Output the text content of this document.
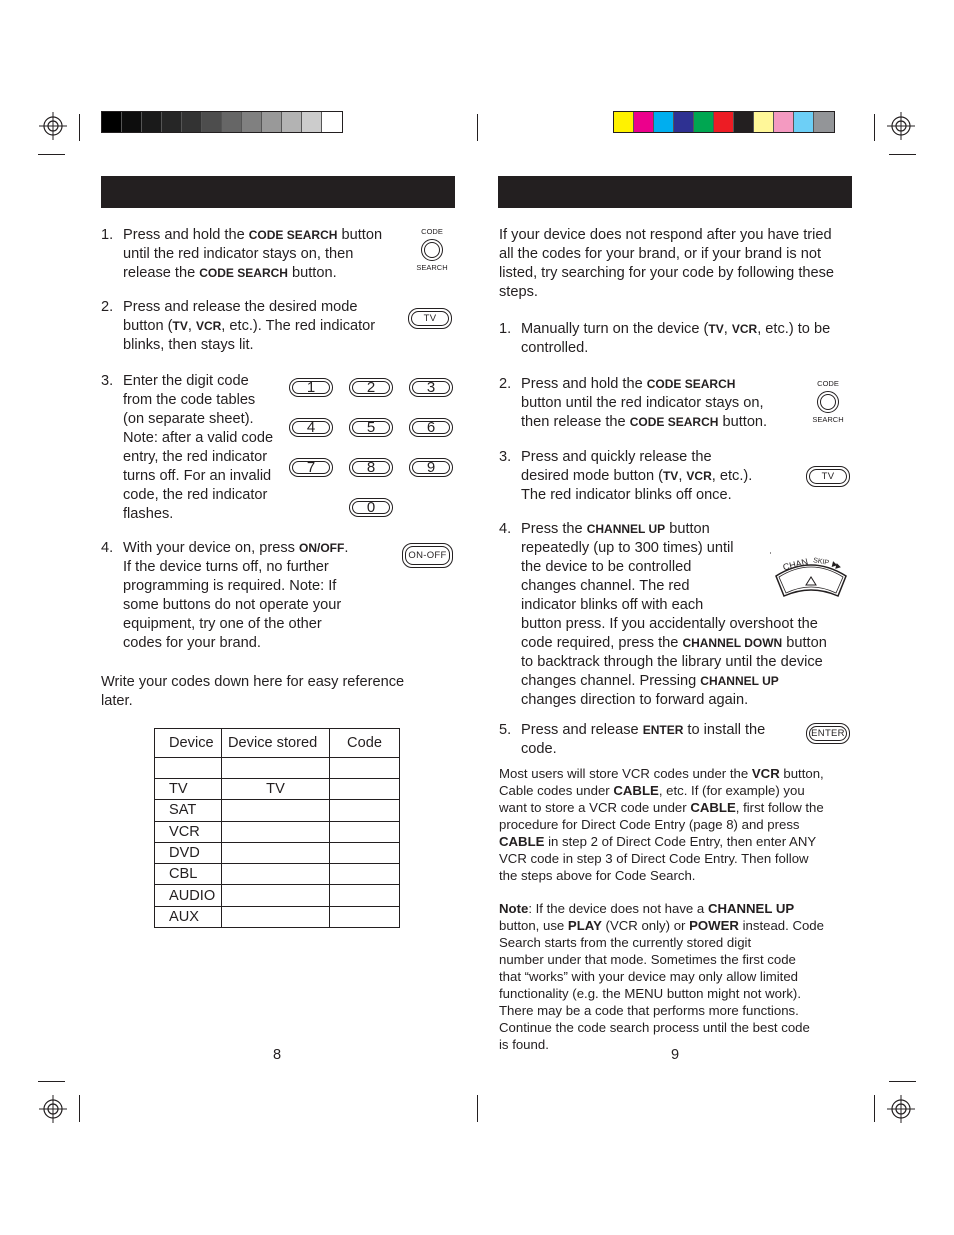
1. Press and hold the CODE SEARCH button
until the red indicator stays on, then
release the CODE SEARCH button.
CODE
SEARCH
2. Press and release the desired mode
button (TV, VCR, etc.). The red indicator
blinks, then stays lit.
TV
3. Enter the digit code
from the code tables
(on separate sheet).
Note: after a valid code
entry, the red indicator
turns off. For an invalid
code, the red indicator
flashes.
1	2	3
4	5	6
7	8	9
0
4. With your device on, press ON/OFF.
If the device turns off, no further
programming is required. Note: If
some buttons do not operate your
equipment, try one of the other
codes for your brand.
ON-OFF
Write your codes down here for easy reference
later.
Device	Device stored	Code

TV	TV	
SAT		
VCR		
DVD		
CBL		
AUDIO		
AUX		
8
If your device does not respond after you have tried
all the codes for your brand, or if your brand is not
listed, try searching for your code by following these
steps.
1. Manually turn on the device (TV, VCR, etc.) to be
controlled.
2. Press and hold the CODE SEARCH
button until the red indicator stays on,
then release the CODE SEARCH button.
CODE
SEARCH
3. Press and quickly release the
desired mode button (TV, VCR, etc.).
The red indicator blinks off once.
TV
4. Press the CHANNEL UP button
repeatedly (up to 300 times) until
the device to be controlled
changes channel. The red
indicator blinks off with each
button press. If you accidentally overshoot the
code required, press the CHANNEL DOWN button
to backtrack through the library until the device
changes channel. Pressing CHANNEL UP
changes direction to forward again.
CHAN SKIP
5. Press and release ENTER to install the
code.
ENTER
Most users will store VCR codes under the VCR button,
Cable codes under CABLE, etc. If (for example) you
want to store a VCR code under CABLE, first follow the
procedure for Direct Code Entry (page 8) and press
CABLE in step 2 of Direct Code Entry, then enter ANY
VCR code in step 3 of Direct Code Entry. Then follow
the steps above for Code Search.
Note: If the device does not have a CHANNEL UP
button, use PLAY (VCR only) or POWER instead. Code
Search starts from the currently stored digit
number under that mode. Sometimes the first code
that “works” with your device may only allow limited
functionality (e.g. the MENU button might not work).
There may be a code that performs more functions.
Continue the code search process until the best code
is found.
9
